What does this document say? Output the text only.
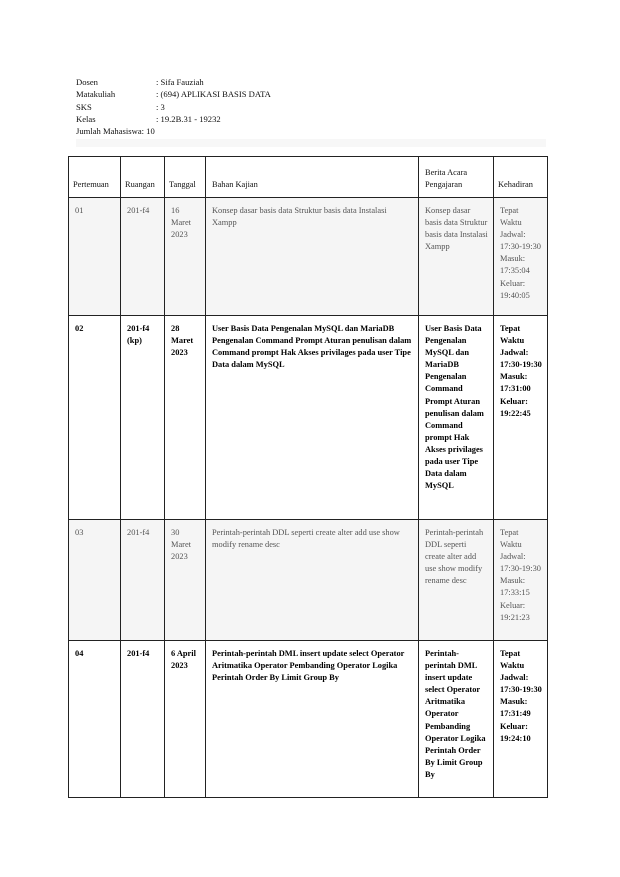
Dosen	: Sifa Fauziah
Matakuliah	: (694) APLIKASI BASIS DATA
SKS	: 3
Kelas	: 19.2B.31 - 19232
Jumlah Mahasiswa : 10
Pertemuan	Ruangan	Tanggal	Bahan Kajian	Berita Acara Pengajaran	Kehadiran
01	201-f4	16 Maret 2023	Konsep dasar basis data Struktur basis data Instalasi Xampp	Konsep dasar basis data Struktur basis data Instalasi Xampp	Tepat Waktu Jadwal: 17:30-19:30 Masuk: 17:35:04 Keluar: 19:40:05
02	201-f4 (kp)	28 Maret 2023	User Basis Data Pengenalan MySQL dan MariaDB Pengenalan Command Prompt Aturan penulisan dalam Command prompt Hak Akses privilages pada user Tipe Data dalam MySQL	User Basis Data Pengenalan MySQL dan MariaDB Pengenalan Command Prompt Aturan penulisan dalam Command prompt Hak Akses privilages pada user Tipe Data dalam MySQL	Tepat Waktu Jadwal: 17:30-19:30 Masuk: 17:31:00 Keluar: 19:22:45
03	201-f4	30 Maret 2023	Perintah-perintah DDL seperti create alter add use show modify rename desc	Perintah-perintah DDL seperti create alter add use show modify rename desc	Tepat Waktu Jadwal: 17:30-19:30 Masuk: 17:33:15 Keluar: 19:21:23
04	201-f4	6 April 2023	Perintah-perintah DML insert update select Operator Aritmatika Operator Pembanding Operator Logika Perintah Order By Limit Group By	Perintah-perintah DML insert update select Operator Aritmatika Operator Pembanding Operator Logika Perintah Order By Limit Group By	Tepat Waktu Jadwal: 17:30-19:30 Masuk: 17:31:49 Keluar: 19:24:10
